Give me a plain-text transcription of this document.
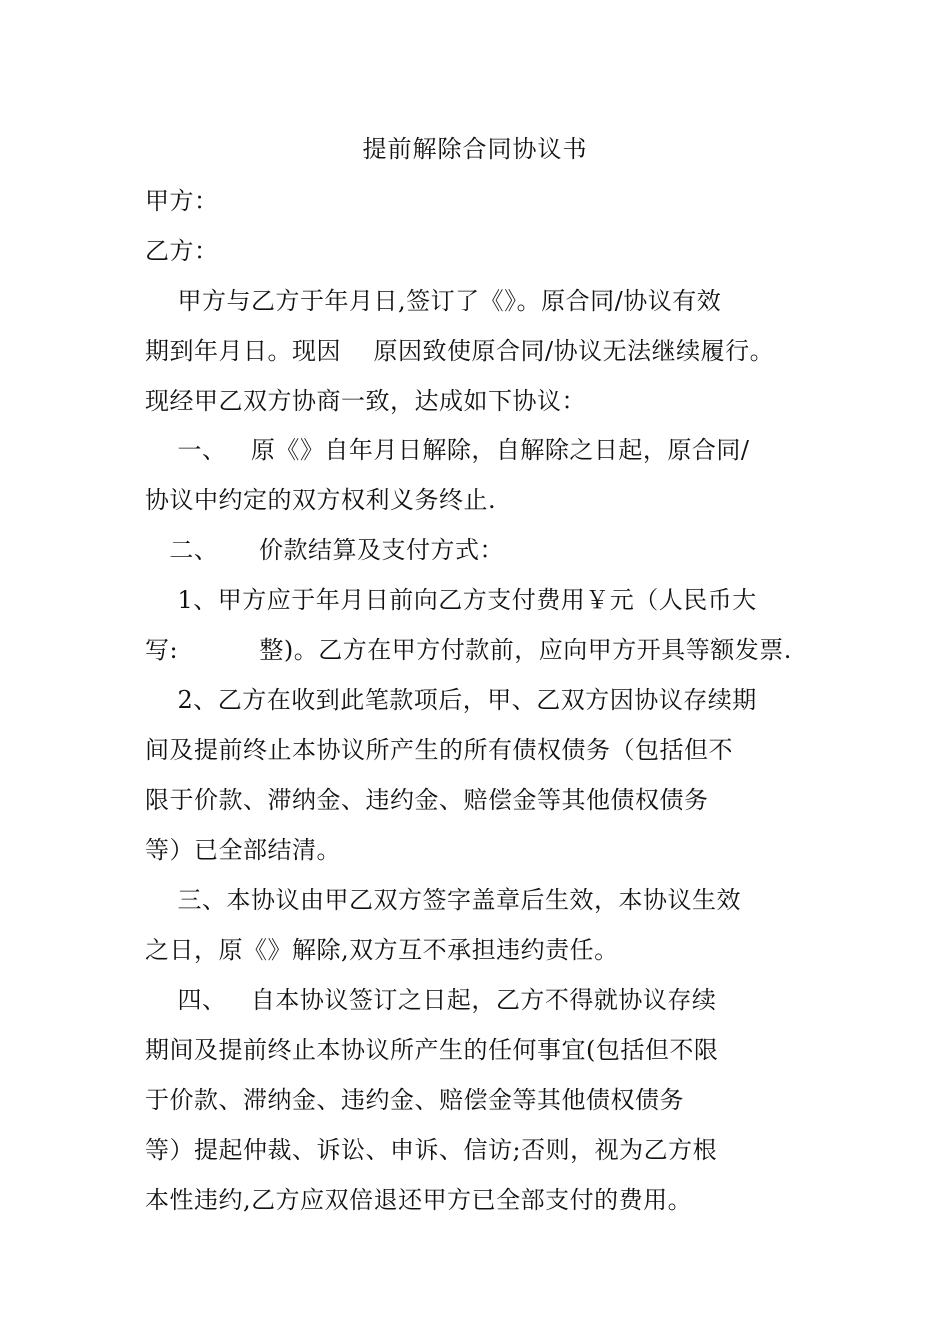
提前解除合同协议书
甲方：
乙方：
甲方与乙方于年月日,签订了《》。原合同/协议有效
期到年月日。现因    原因致使原合同/协议无法继续履行。
现经甲乙双方协商一致，达成如下协议：
一、   原《》自年月日解除，自解除之日起，原合同/
协议中约定的双方权利义务终止.
二、     价款结算及支付方式：
1、甲方应于年月日前向乙方支付费用￥元（人民币大
写:          整)。乙方在甲方付款前，应向甲方开具等额发票.
2、乙方在收到此笔款项后，甲、乙双方因协议存续期
间及提前终止本协议所产生的所有债权债务（包括但不
限于价款、滞纳金、违约金、赔偿金等其他债权债务
等）已全部结清。
三、本协议由甲乙双方签字盖章后生效，本协议生效
之日，原《》解除,双方互不承担违约责任。
四、   自本协议签订之日起，乙方不得就协议存续
期间及提前终止本协议所产生的任何事宜(包括但不限
于价款、滞纳金、违约金、赔偿金等其他债权债务
等）提起仲裁、诉讼、申诉、信访;否则，视为乙方根
本性违约,乙方应双倍退还甲方已全部支付的费用。
